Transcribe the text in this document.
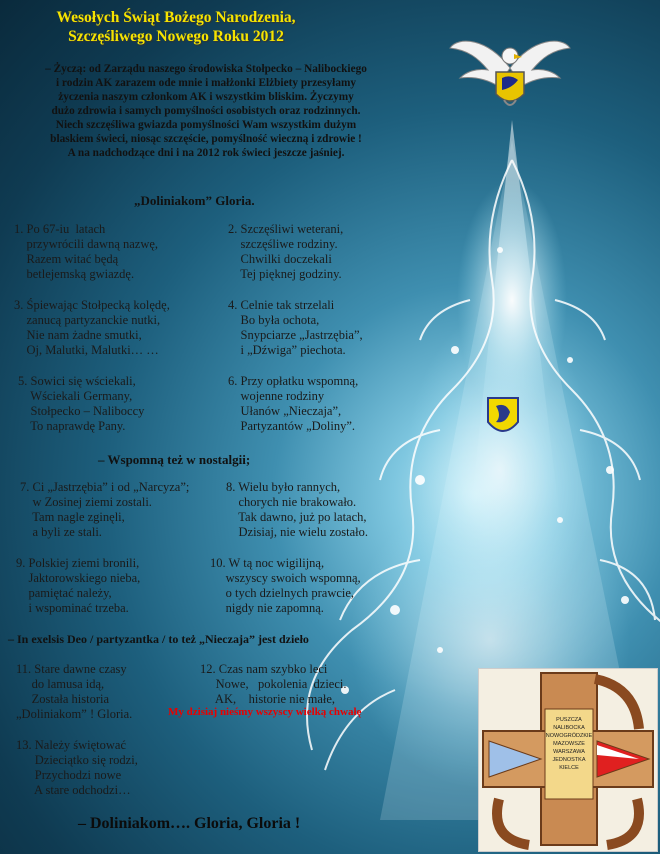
Wesołych Świąt Bożego Narodzenia,
Szczęśliwego Nowego Roku 2012
– Życzą: od Zarządu naszego środowiska Stołpecko – Nalibockiego
i rodzin AK zarazem ode mnie i małżonki Elżbiety przesyłamy
życzenia naszym członkom AK i wszystkim bliskim. Życzymy
dużo zdrowia i samych pomyślności osobistych oraz rodzinnych.
Niech szczęśliwa gwiazda pomyślności Wam wszystkim dużym
blaskiem świeci, niosąc szczęście, pomyślność wieczną i zdrowie !
A na nadchodzące dni i na 2012 rok świeci jeszcze jaśniej.
„Doliniakom” Gloria.
1. Po 67-iu  latach
przywrócili dawną nazwę,
Razem witać będą
betlejemską gwiazdę.
2. Szczęśliwi weterani,
szczęśliwe rodziny.
Chwilki doczekali
Tej pięknej godziny.
3. Śpiewając Stołpecką kolędę,
zanucą partyzanckie nutki,
Nie nam żadne smutki,
Oj, Malutki, Malutki… …
4. Celnie tak strzelali
Bo była ochota,
Snypciarze „Jastrzębia”,
i „Dźwiga” piechota.
5. Sowici się wściekali,
Wściekali Germany,
Stołpecko – Naliboccy
To naprawdę Pany.
6. Przy opłatku wspomną,
wojenne rodziny
Ułanów „Nieczaja”,
Partyzantów „Doliny”.
– Wspomną też w nostalgii;
7. Ci „Jastrzębia” i od „Narcyza”;
w Zosinej ziemi zostali.
Tam nagle zginęli,
a byli ze stali.
8. Wielu było rannych,
chorych nie brakowało.
Tak dawno, już po latach,
Dzisiaj, nie wielu zostało.
9. Polskiej ziemi bronili,
Jaktorowskiego nieba,
pamiętać należy,
i wspominać trzeba.
10. W tą noc wigilijną,
wszyscy swoich wspomną,
o tych dzielnych prawcie,
nigdy nie zapomną.
– In exelsis Deo / partyzantka / to też „Nieczaja” jest dzieło
11. Stare dawne czasy
do lamusa idą,
Została historia
„Doliniakom” ! Gloria.
12. Czas nam szybko leci
Nowe,   pokolenia  dzieci.
AK,    historie nie małe,
My dzisiaj nieśmy wszyscy wielką chwałę
13. Należy świętować
Dzieciątko się rodzi,
Przychodzi nowe
A stare odchodzi…
– Doliniakom…. Gloria, Gloria !
PUSZCZA
NALIBOCKA
NOWOGRÓDZKIE
MAZOWSZE
WARSZAWA
JEDNOSTKA
KIELCE
